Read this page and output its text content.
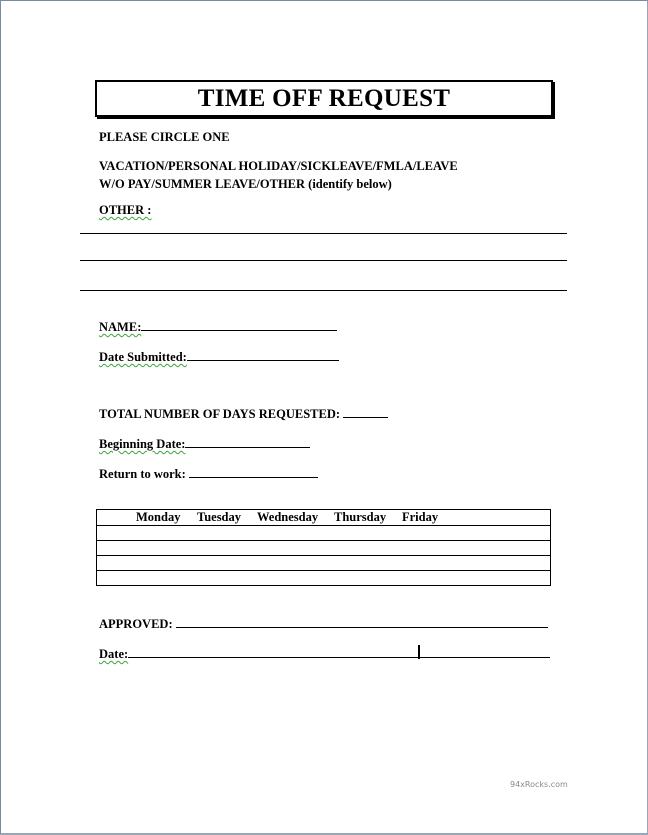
TIME OFF REQUEST
PLEASE CIRCLE ONE
VACATION/PERSONAL HOLIDAY/SICKLEAVE/FMLA/LEAVE
W/O PAY/SUMMER LEAVE/OTHER (identify below)
OTHER :
NAME:
Date Submitted:
TOTAL NUMBER OF DAYS REQUESTED:
Beginning Date:
Return to work:
Monday	Tuesday	Wednesday	Thursday	Friday

APPROVED:
Date:
94xRocks.com
